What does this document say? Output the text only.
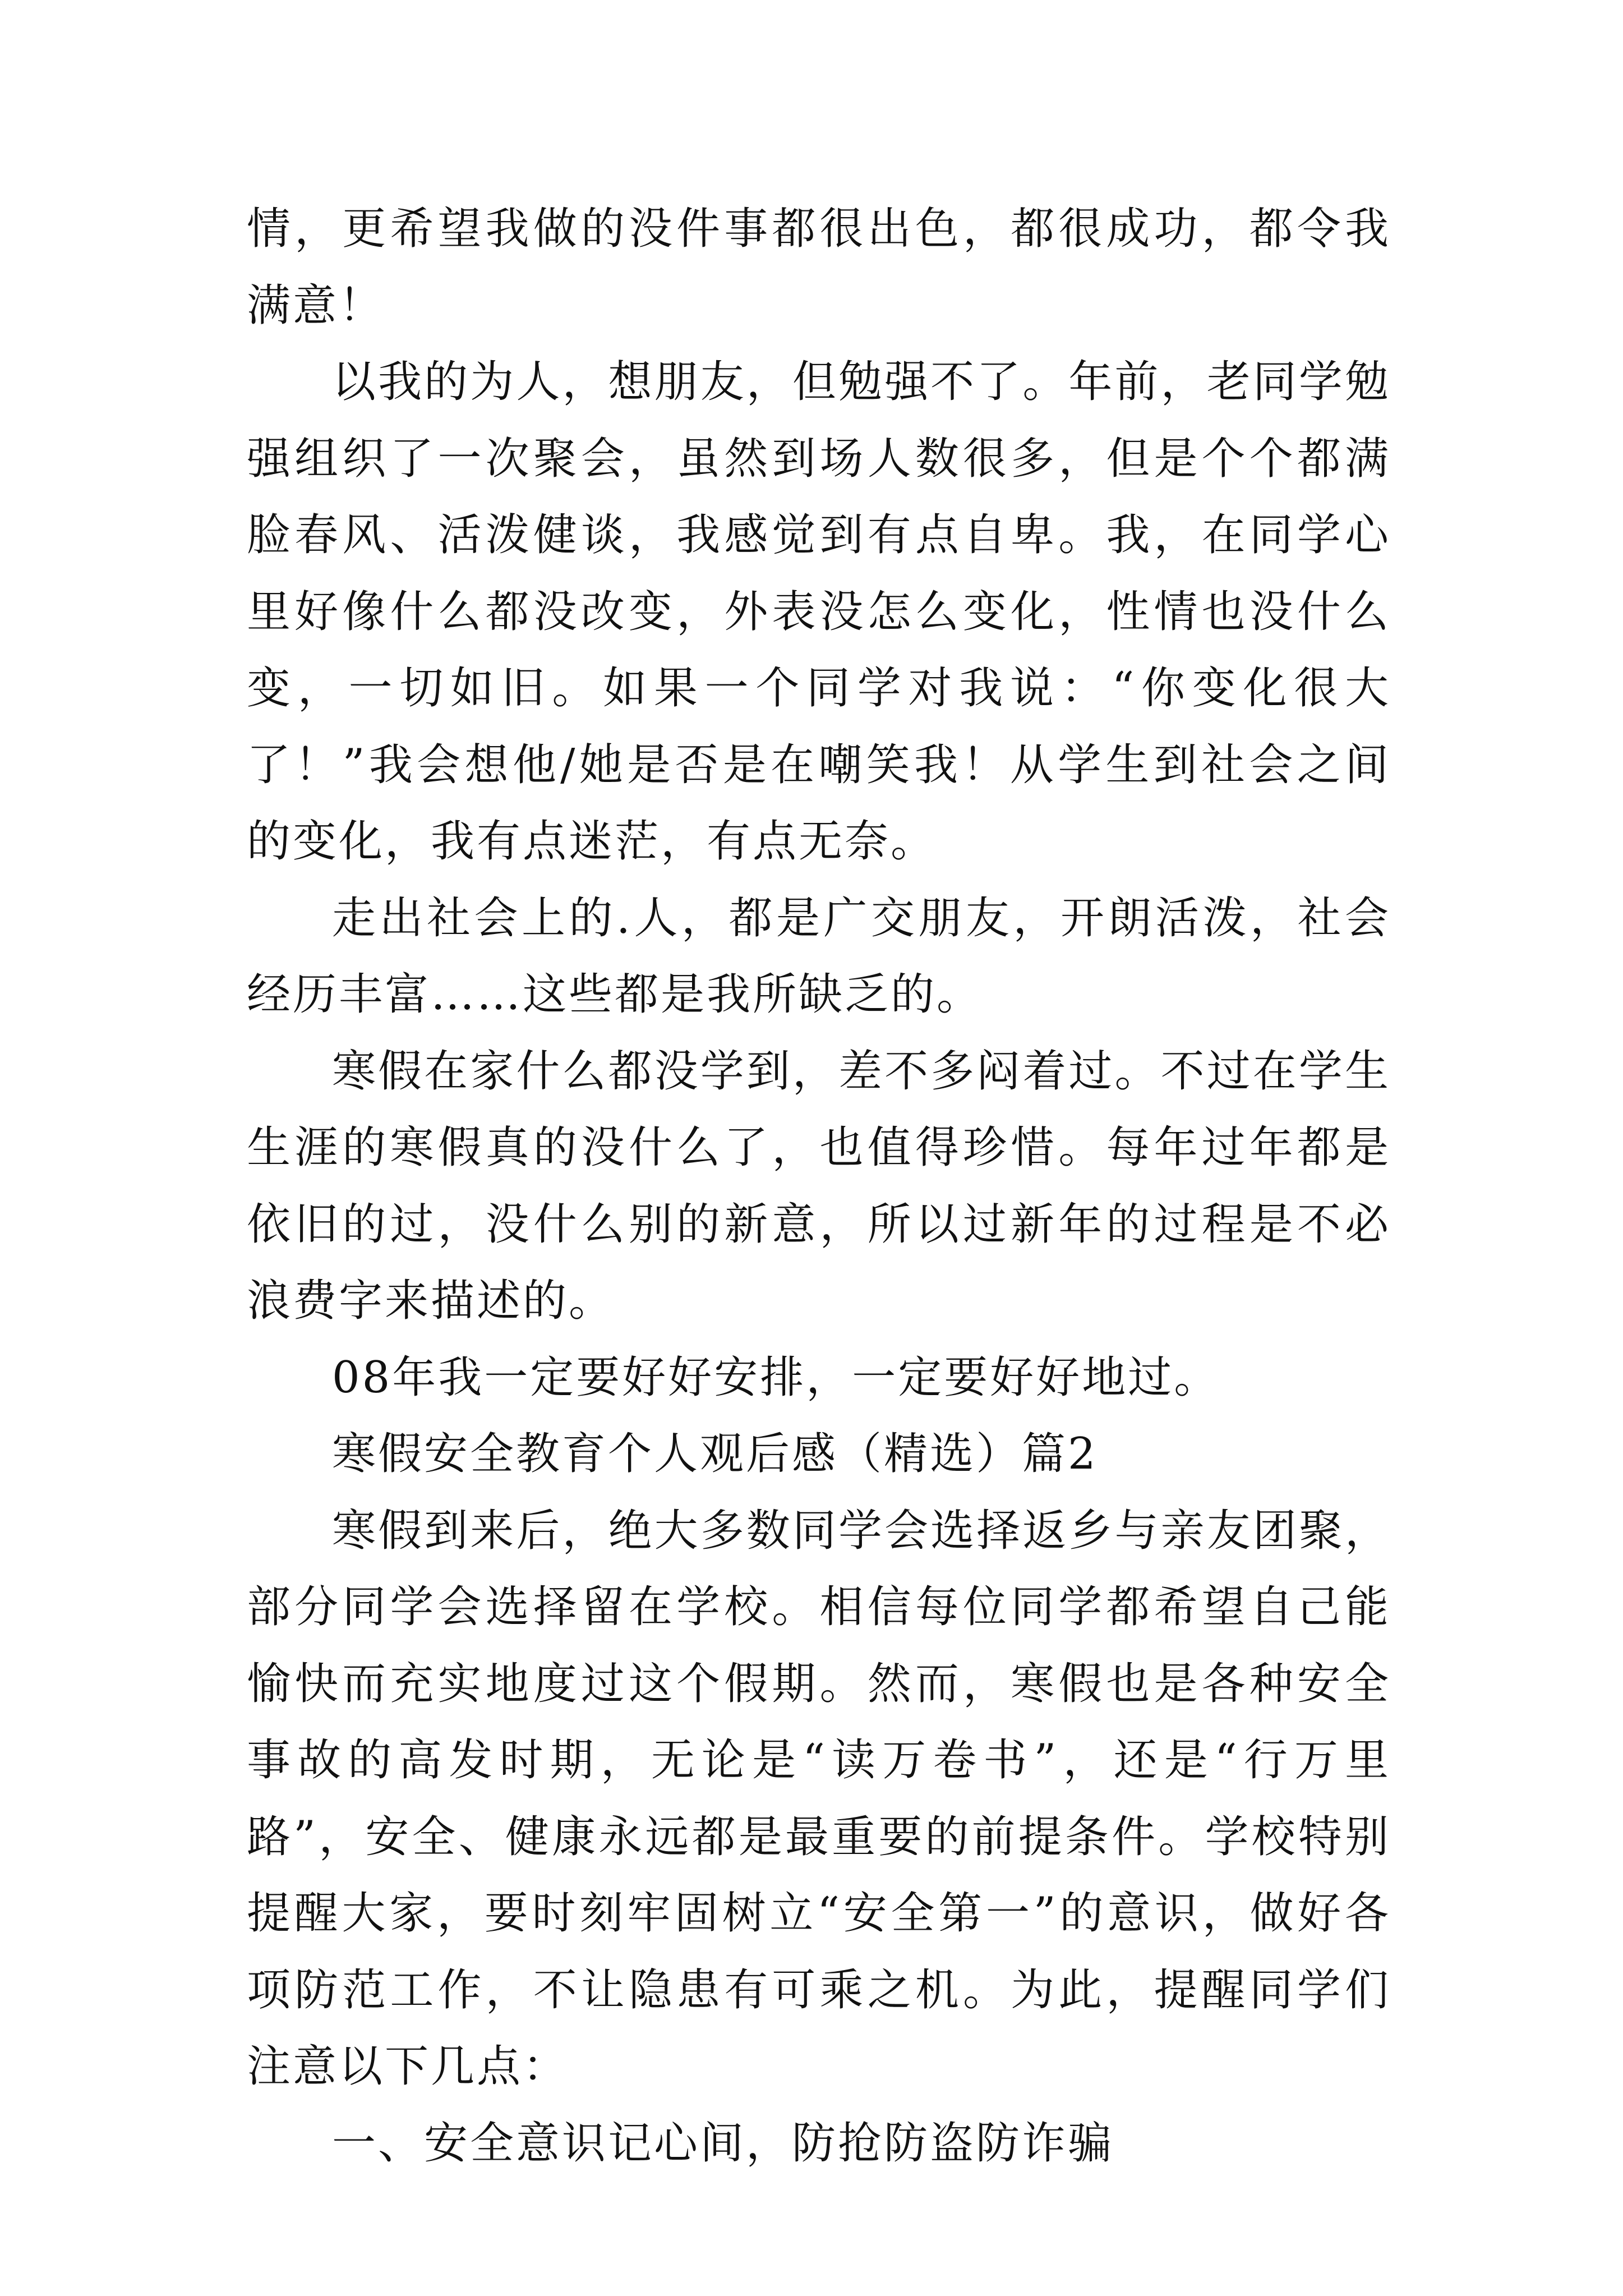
情，更希望我做的没件事都很出色，都很成功，都令我满意！

以我的为人，想朋友，但勉强不了。年前，老同学勉强组织了一次聚会，虽然到场人数很多，但是个个都满脸春风、活泼健谈，我感觉到有点自卑。我，在同学心里好像什么都没改变，外表没怎么变化，性情也没什么变，一切如旧。如果一个同学对我说：“你变化很大了！”我会想他/她是否是在嘲笑我！从学生到社会之间的变化，我有点迷茫，有点无奈。

走出社会上的.人，都是广交朋友，开朗活泼，社会经历丰富……这些都是我所缺乏的。

寒假在家什么都没学到，差不多闷着过。不过在学生生涯的寒假真的没什么了，也值得珍惜。每年过年都是依旧的过，没什么别的新意，所以过新年的过程是不必浪费字来描述的。

08年我一定要好好安排，一定要好好地过。

寒假安全教育个人观后感（精选）篇2

寒假到来后，绝大多数同学会选择返乡与亲友团聚，部分同学会选择留在学校。相信每位同学都希望自己能愉快而充实地度过这个假期。然而，寒假也是各种安全事故的高发时期，无论是“读万卷书”，还是“行万里路”，安全、健康永远都是最重要的前提条件。学校特别提醒大家，要时刻牢固树立“安全第一”的意识，做好各项防范工作，不让隐患有可乘之机。为此，提醒同学们注意以下几点：

一、安全意识记心间，防抢防盗防诈骗
